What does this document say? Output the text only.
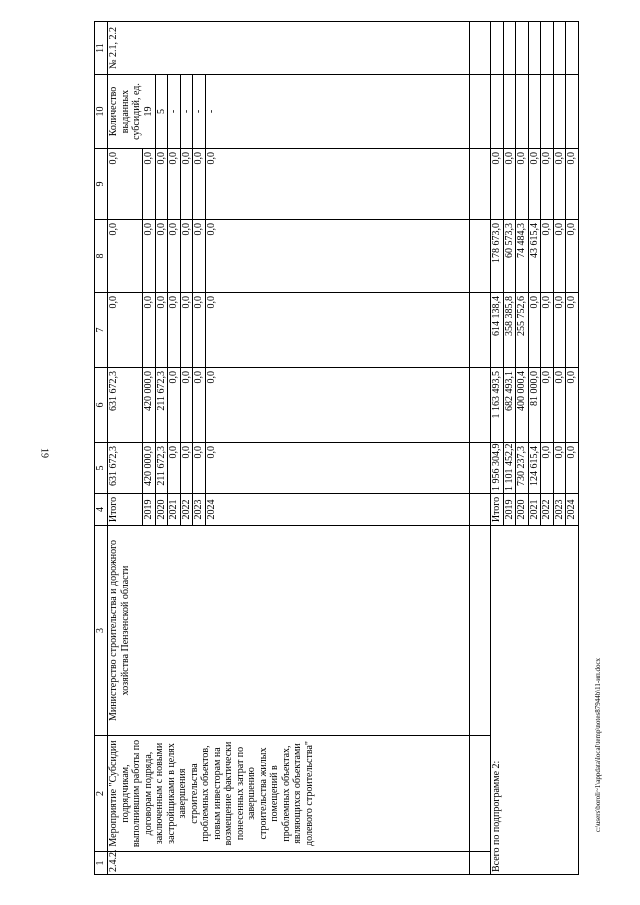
19
1	2	3	4	5	6	7	8	9	10	11
2.4.2.	Мероприятие "Субсидии подрядчикам, выполнившим работы по договорам подряда, заключенным с новыми застройщиками в целях завершения строительства проблемных объектов, новым инвесторам на возмещение фактически понесенных затрат по завершению строительства жилых помещений в проблемных объектах, являющихся объектами долевого строительства"	Министерство строительства и дорожного хозяйства Пензенской области	Итого	631 672,3	631 672,3	0,0	0,0	0,0	Количество выданных субсидий, ед.	№ 2.1, 2.2
			2019	420 000,0	420 000,0	0,0	0,0	0,0	19	
			2020	211 672,3	211 672,3	0,0	0,0	0,0	5	
			2021	0,0	0,0	0,0	0,0	0,0	-	
			2022	0,0	0,0	0,0	0,0	0,0	-	
			2023	0,0	0,0	0,0	0,0	0,0	-	
			2024	0,0	0,0	0,0	0,0	0,0	-	

Всего по подпрограмме 2:			Итого	1 956 304,9	1 163 493,5	614 138,4	178 673,0	0,0		
			2019	1 101 452,2	682 493,1	358 385,8	60 573,3	0,0		
			2020	730 237,3	400 000,4	255 752,6	74 484,3	0,0		
			2021	124 615,4	81 000,0	0,0	43 615,4	0,0		
			2022	0,0	0,0	0,0	0,0	0,0		
			2023	0,0	0,0	0,0	0,0	0,0		
			2024	0,0	0,0	0,0	0,0	0,0		
c:\users\boroli~1\appdata\local\temp\notes87944b\11-ип.docx
